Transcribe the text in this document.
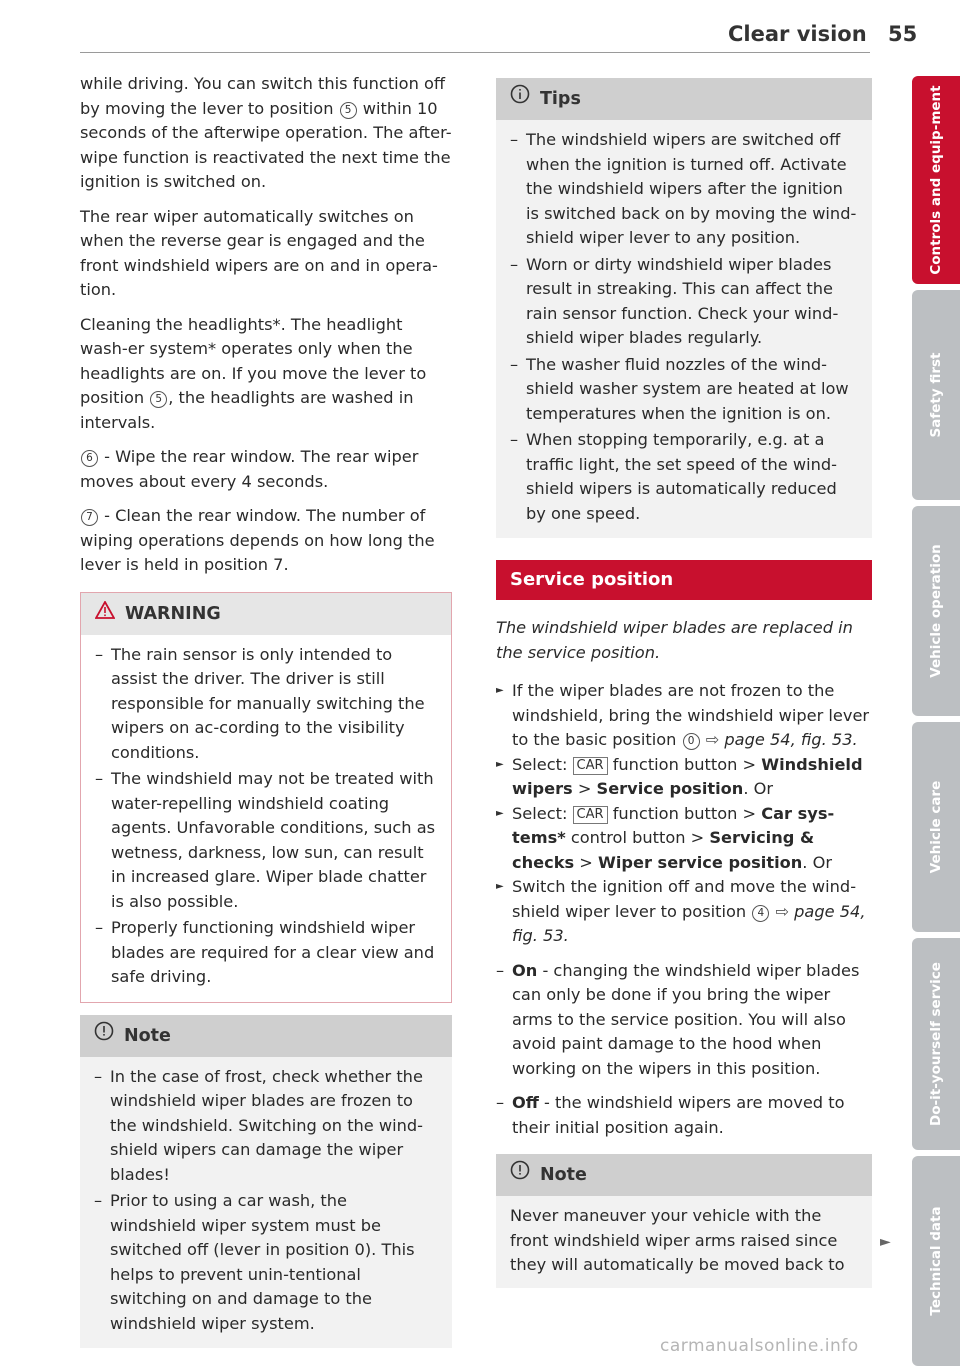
Clear vision 55

while driving. You can switch this function off by moving the lever to position 5 within 10 seconds of the afterwipe operation. The after-wipe function is reactivated the next time the ignition is switched on.

The rear wiper automatically switches on when the reverse gear is engaged and the front windshield wipers are on and in opera-tion.

Cleaning the headlights*. The headlight wash-er system* operates only when the headlights are on. If you move the lever to position 5 , the headlights are washed in intervals.

6 - Wipe the rear window. The rear wiper moves about every 4 seconds.

7 - Clean the rear window. The number of wiping operations depends on how long the lever is held in position 7.

WARNING

– The rain sensor is only intended to assist the driver. The driver is still responsible for manually switching the wipers on ac-cording to the visibility conditions.

– The windshield may not be treated with water-repelling windshield coating agents. Unfavorable conditions, such as wetness, darkness, low sun, can result in increased glare. Wiper blade chatter is also possible.

– Properly functioning windshield wiper blades are required for a clear view and safe driving.

Note

– In the case of frost, check whether the windshield wiper blades are frozen to the windshield. Switching on the wind-shield wipers can damage the wiper blades!

– Prior to using a car wash, the windshield wiper system must be switched off (lever in position 0). This helps to prevent unin-tentional switching on and damage to the windshield wiper system.

Tips

– The windshield wipers are switched off when the ignition is turned off. Activate the windshield wipers after the ignition is switched back on by moving the wind-shield wiper lever to any position.

– Worn or dirty windshield wiper blades result in streaking. This can affect the rain sensor function. Check your wind-shield wiper blades regularly.

– The washer fluid nozzles of the wind-shield washer system are heated at low temperatures when the ignition is on.

– When stopping temporarily, e.g. at a traffic light, the set speed of the wind-shield wipers is automatically reduced by one speed.

Service position

The windshield wiper blades are replaced in the service position.

► If the wiper blades are not frozen to the windshield, bring the windshield wiper lever to the basic position 0 ⇨ page 54, fig. 53.

► Select: CAR function button > Windshield wipers > Service position. Or

► Select: CAR function button > Car sys-tems* control button > Servicing & checks > Wiper service position. Or

► Switch the ignition off and move the wind-shield wiper lever to position 4 ⇨ page 54, fig. 53.

– On - changing the windshield wiper blades can only be done if you bring the wiper arms to the service position. You will also avoid paint damage to the hood when working on the wipers in this position.

– Off - the windshield wipers are moved to their initial position again.

Note

Never maneuver your vehicle with the front windshield wiper arms raised since they will automatically be moved back to

►
Controls and equip-ment
Safety first
Vehicle operation
Vehicle care
Do-it-yourself service
Technical data
carmanualsonline.info
